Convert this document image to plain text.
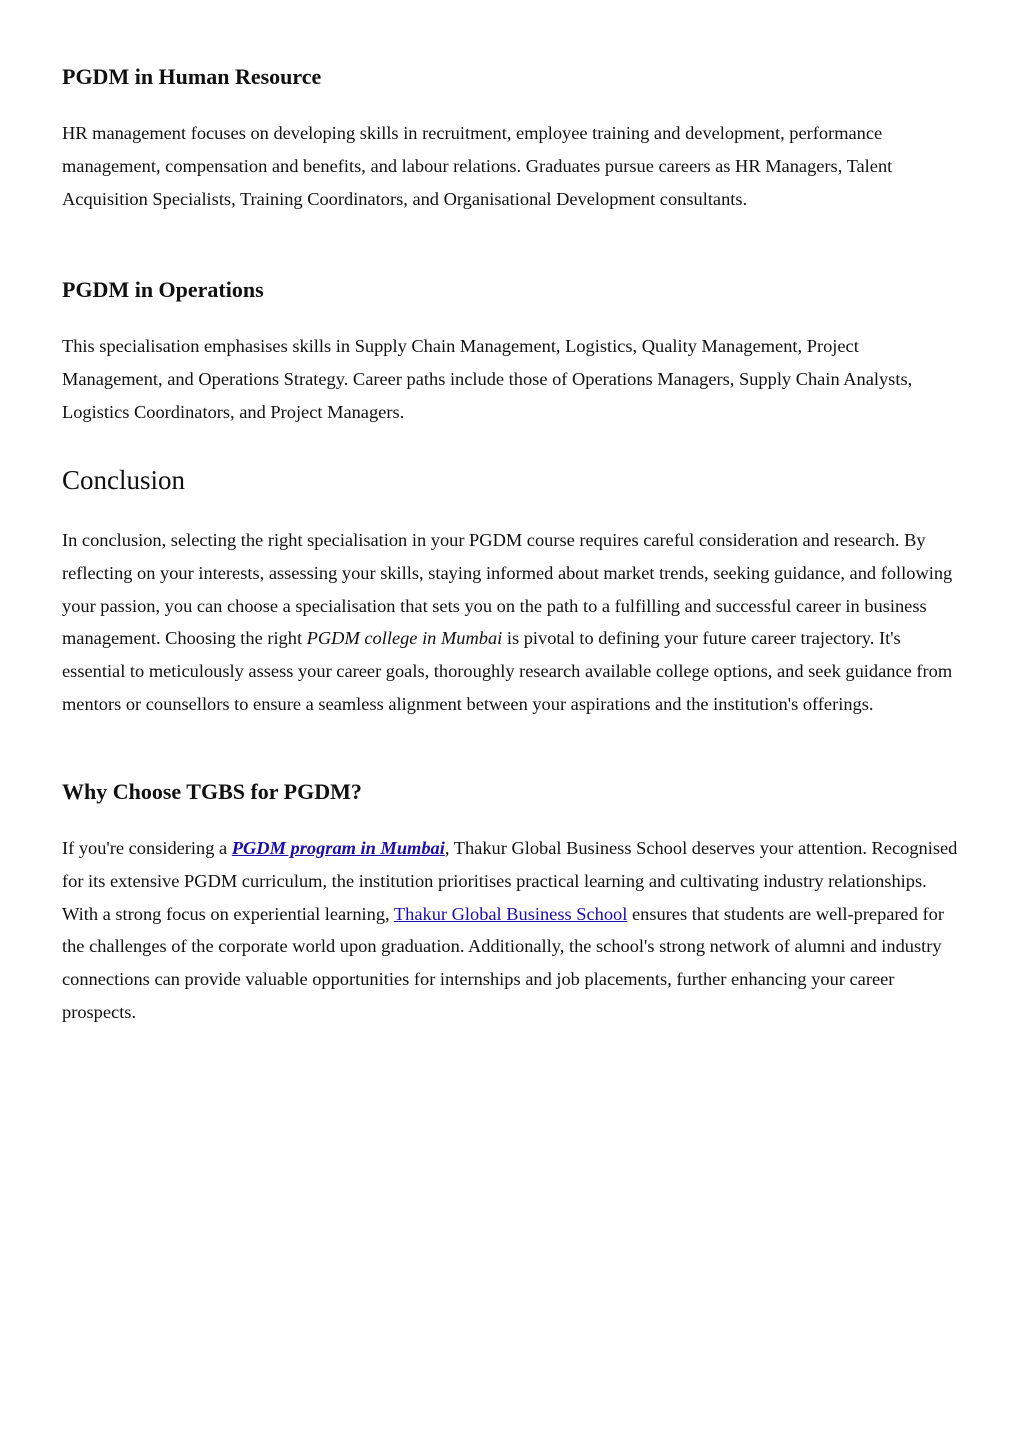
PGDM in Human Resource

HR management focuses on developing skills in recruitment, employee training and development, performance management, compensation and benefits, and labour relations. Graduates pursue careers as HR Managers, Talent Acquisition Specialists, Training Coordinators, and Organisational Development consultants.

PGDM in Operations

This specialisation emphasises skills in Supply Chain Management, Logistics, Quality Management, Project Management, and Operations Strategy. Career paths include those of Operations Managers, Supply Chain Analysts, Logistics Coordinators, and Project Managers.

Conclusion

In conclusion, selecting the right specialisation in your PGDM course requires careful consideration and research. By reflecting on your interests, assessing your skills, staying informed about market trends, seeking guidance, and following your passion, you can choose a specialisation that sets you on the path to a fulfilling and successful career in business management. Choosing the right PGDM college in Mumbai is pivotal to defining your future career trajectory. It's essential to meticulously assess your career goals, thoroughly research available college options, and seek guidance from mentors or counsellors to ensure a seamless alignment between your aspirations and the institution's offerings.

Why Choose TGBS for PGDM?

If you're considering a PGDM program in Mumbai, Thakur Global Business School deserves your attention. Recognised for its extensive PGDM curriculum, the institution prioritises practical learning and cultivating industry relationships. With a strong focus on experiential learning, Thakur Global Business School ensures that students are well-prepared for the challenges of the corporate world upon graduation. Additionally, the school's strong network of alumni and industry connections can provide valuable opportunities for internships and job placements, further enhancing your career prospects.
